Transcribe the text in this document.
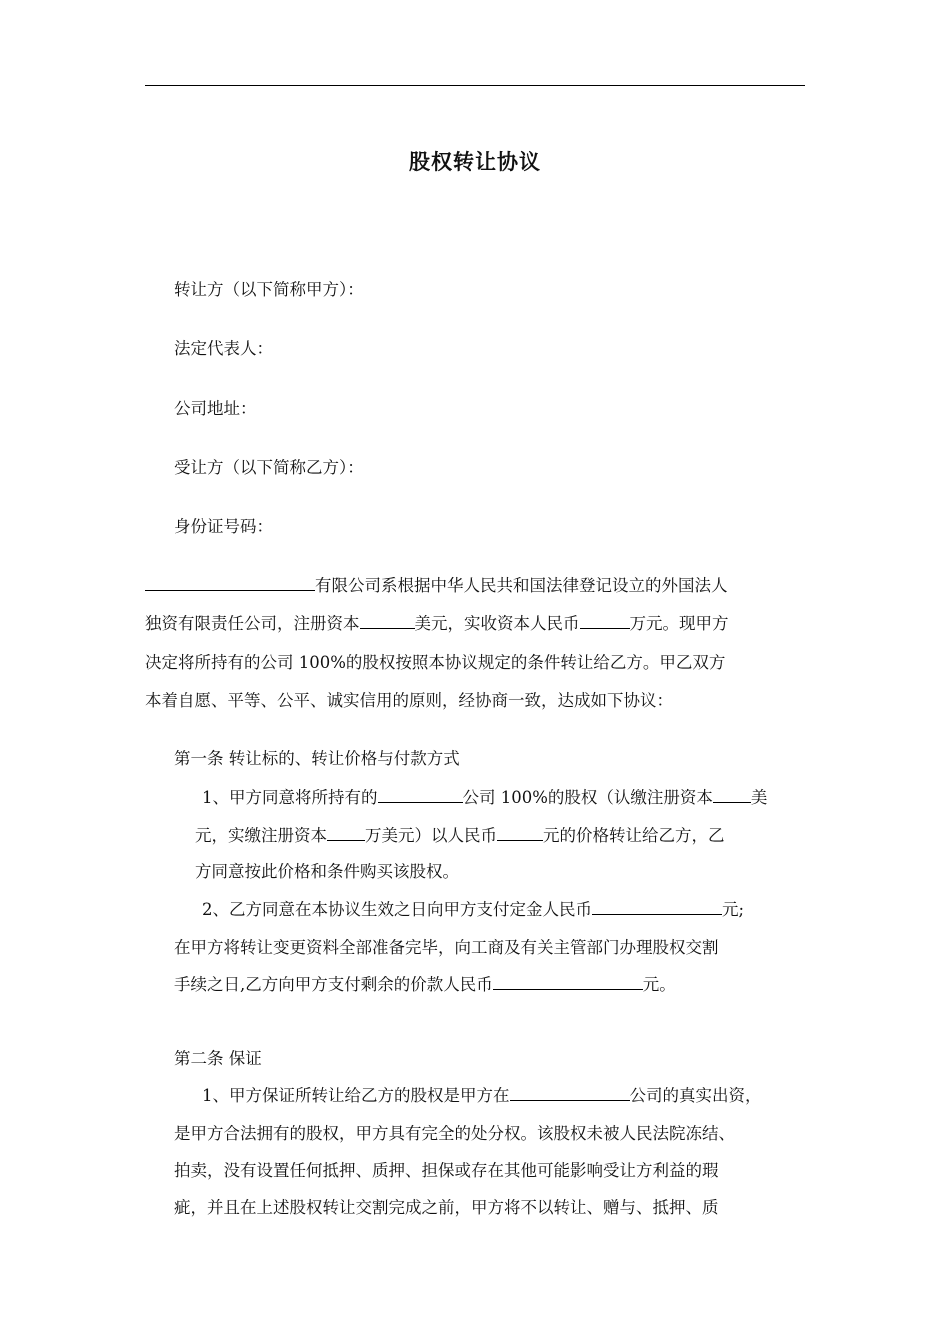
股权转让协议
转让方（以下简称甲方）：
法定代表人：
公司地址：
受让方（以下简称乙方）：
身份证号码：
有限公司系根据中华人民共和国法律登记设立的外国法人
独资有限责任公司，注册资本	美元，实收资本人民币	万元。现甲方
决定将所持有的公司 100%的股权按照本协议规定的条件转让给乙方。甲乙双方
本着自愿、平等、公平、诚实信用的原则，经协商一致，达成如下协议：
第一条 转让标的、转让价格与付款方式
1、甲方同意将所持有的	公司 100%的股权（认缴注册资本 美
元，实缴注册资本 万美元）以人民币	元的价格转让给乙方，乙
方同意按此价格和条件购买该股权。
2、乙方同意在本协议生效之日向甲方支付定金人民币	元;
在甲方将转让变更资料全部准备完毕，向工商及有关主管部门办理股权交割
手续之日,乙方向甲方支付剩余的价款人民币	元。
第二条 保证
1、甲方保证所转让给乙方的股权是甲方在	公司的真实出资，
是甲方合法拥有的股权，甲方具有完全的处分权。该股权未被人民法院冻结、
拍卖，没有设置任何抵押、质押、担保或存在其他可能影响受让方利益的瑕
疵，并且在上述股权转让交割完成之前，甲方将不以转让、赠与、抵押、质
